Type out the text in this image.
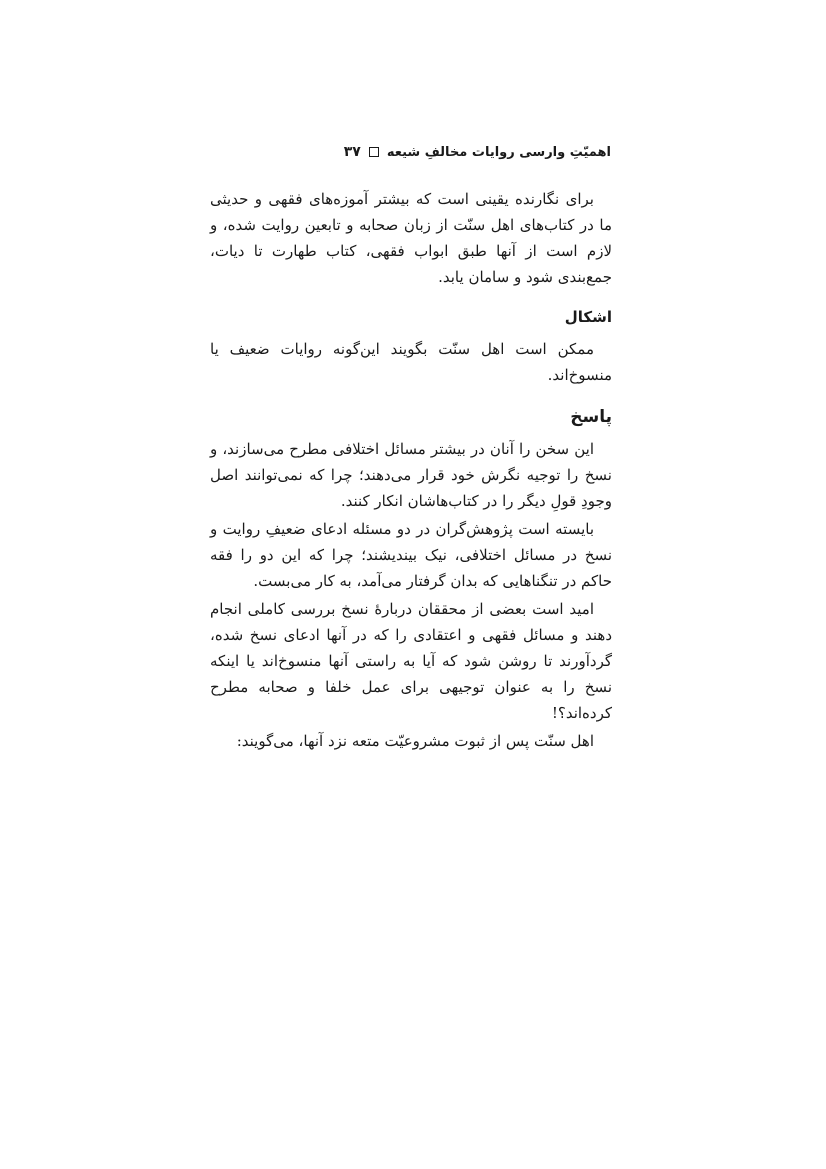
اهمیّتِ وارسی روایات مخالفِ شیعه
۳۷

برای نگارنده یقینی است که بیشتر آموزه‌های فقهی و حدیثی ما در کتاب‌های اهل سنّت از زبان صحابه و تابعین روایت شده، و لازم است از آنها طبق ابواب فقهی، کتاب طهارت تا دیات، جمع‌بندی شود و سامان یابد.

اشکال

ممکن است اهل سنّت بگویند این‌گونه روایات ضعیف یا منسوخ‌اند.

پاسخ

این سخن را آنان در بیشتر مسائل اختلافی مطرح می‌سازند، و نسخ را توجیه نگرش خود قرار می‌دهند؛ چرا که نمی‌توانند اصل وجودِ قولِ دیگر را در کتاب‌هاشان انکار کنند.

بایسته است پژوهش‌گران در دو مسئله ادعای ضعیفِ روایت و نسخ در مسائل اختلافی، نیک بیندیشند؛ چرا که این دو را فقه حاکم در تنگناهایی که بدان گرفتار می‌آمد، به کار می‌بست.

امید است بعضی از محققان دربارهٔ نسخ بررسی کاملی انجام دهند و مسائل فقهی و اعتقادی را که در آنها ادعای نسخ شده، گردآورند تا روشن شود که آیا به راستی آنها منسوخ‌اند یا اینکه نسخ را به عنوان توجیهی برای عمل خلفا و صحابه مطرح کرده‌اند؟!

اهل سنّت پس از ثبوت مشروعیّت متعه نزد آنها، می‌گویند:
